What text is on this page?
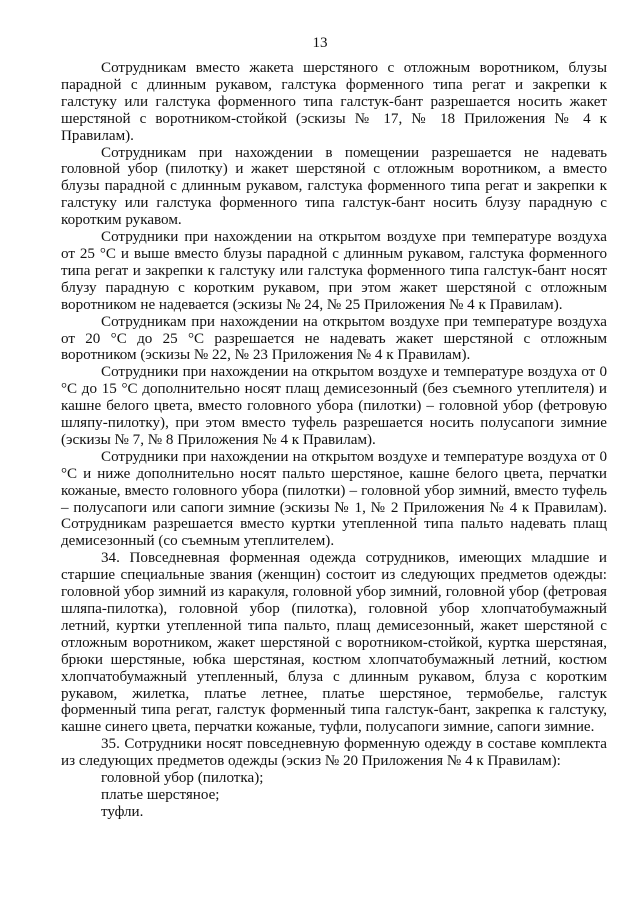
13

Сотрудникам вместо жакета шерстяного с отложным воротником, блузы парадной с длинным рукавом, галстука форменного типа регат и закрепки к галстуку или галстука форменного типа галстук-бант разрешается носить жакет шерстяной с воротником-стойкой (эскизы № 17, № 18 Приложения № 4 к Правилам).

Сотрудникам при нахождении в помещении разрешается не надевать головной убор (пилотку) и жакет шерстяной с отложным воротником, а вместо блузы парадной с длинным рукавом, галстука форменного типа регат и закрепки к галстуку или галстука форменного типа галстук-бант носить блузу парадную с коротким рукавом.

Сотрудники при нахождении на открытом воздухе при температуре воздуха от 25 °С и выше вместо блузы парадной с длинным рукавом, галстука форменного типа регат и закрепки к галстуку или галстука форменного типа галстук-бант носят блузу парадную с коротким рукавом, при этом жакет шерстяной с отложным воротником не надевается (эскизы № 24, № 25 Приложения № 4 к Правилам).

Сотрудникам при нахождении на открытом воздухе при температуре воздуха от 20 °С до 25 °С разрешается не надевать жакет шерстяной с отложным воротником (эскизы № 22, № 23 Приложения № 4 к Правилам).

Сотрудники при нахождении на открытом воздухе и температуре воздуха от 0 °С до 15 °С дополнительно носят плащ демисезонный (без съемного утеплителя) и кашне белого цвета, вместо головного убора (пилотки) – головной убор (фетровую шляпу-пилотку), при этом вместо туфель разрешается носить полусапоги зимние (эскизы № 7, № 8 Приложения № 4 к Правилам).

Сотрудники при нахождении на открытом воздухе и температуре воздуха от 0 °С и ниже дополнительно носят пальто шерстяное, кашне белого цвета, перчатки кожаные, вместо головного убора (пилотки) – головной убор зимний, вместо туфель – полусапоги или сапоги зимние (эскизы № 1, № 2 Приложения № 4 к Правилам). Сотрудникам разрешается вместо куртки утепленной типа пальто надевать плащ демисезонный (со съемным утеплителем).

34. Повседневная форменная одежда сотрудников, имеющих младшие и старшие специальные звания (женщин) состоит из следующих предметов одежды: головной убор зимний из каракуля, головной убор зимний, головной убор (фетровая шляпа-пилотка), головной убор (пилотка), головной убор хлопчатобумажный летний, куртки утепленной типа пальто, плащ демисезонный, жакет шерстяной с отложным воротником, жакет шерстяной с воротником-стойкой, куртка шерстяная, брюки шерстяные, юбка шерстяная, костюм хлопчатобумажный летний, костюм хлопчатобумажный утепленный, блуза с длинным рукавом, блуза с коротким рукавом, жилетка, платье летнее, платье шерстяное, термобелье, галстук форменный типа регат, галстук форменный типа галстук-бант, закрепка к галстуку, кашне синего цвета, перчатки кожаные, туфли, полусапоги зимние, сапоги зимние.

35. Сотрудники носят повседневную форменную одежду в составе комплекта из следующих предметов одежды (эскиз № 20 Приложения № 4 к Правилам):

головной убор (пилотка);

платье шерстяное;

туфли.
